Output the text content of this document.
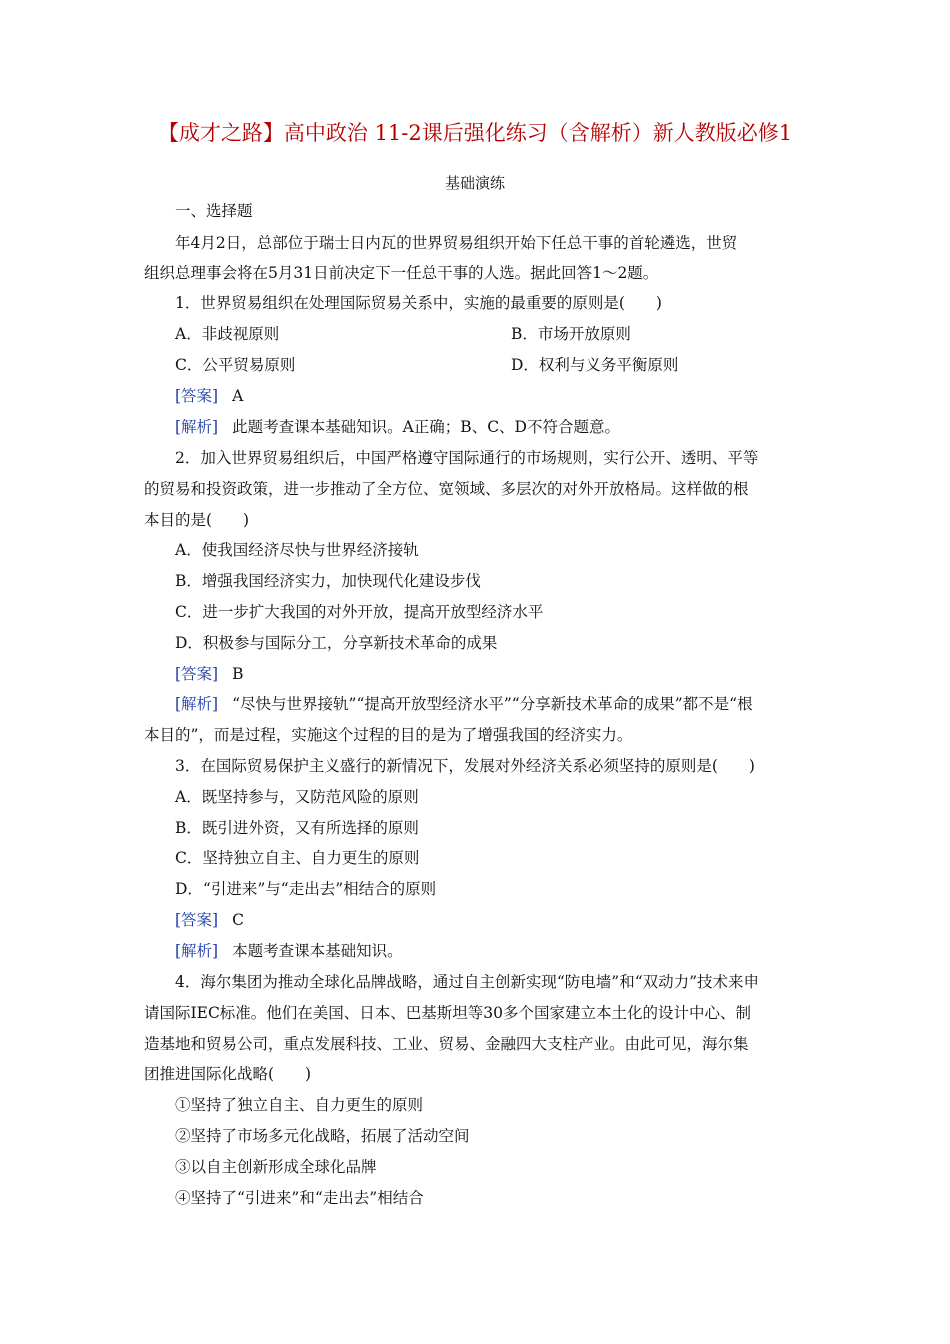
【成才之路】高中政治 11-2课后强化练习（含解析）新人教版必修1
基础演练
一、选择题
年4月2日，总部位于瑞士日内瓦的世界贸易组织开始下任总干事的首轮遴选，世贸
组织总理事会将在5月31日前决定下一任总干事的人选。据此回答1～2题。
1．世界贸易组织在处理国际贸易关系中，实施的最重要的原则是(　　)
A．非歧视原则	B．市场开放原则
C．公平贸易原则	D．权利与义务平衡原则
[答案] A
[解析] 此题考查课本基础知识。A正确；B、C、D不符合题意。
2．加入世界贸易组织后，中国严格遵守国际通行的市场规则，实行公开、透明、平等
的贸易和投资政策，进一步推动了全方位、宽领域、多层次的对外开放格局。这样做的根
本目的是(　　)
A．使我国经济尽快与世界经济接轨
B．增强我国经济实力，加快现代化建设步伐
C．进一步扩大我国的对外开放，提高开放型经济水平
D．积极参与国际分工，分享新技术革命的成果
[答案] B
[解析] “尽快与世界接轨”“提高开放型经济水平”“分享新技术革命的成果”都不是“根
本目的”，而是过程，实施这个过程的目的是为了增强我国的经济实力。
3．在国际贸易保护主义盛行的新情况下，发展对外经济关系必须坚持的原则是(　　)
A．既坚持参与，又防范风险的原则
B．既引进外资，又有所选择的原则
C．坚持独立自主、自力更生的原则
D．“引进来”与“走出去”相结合的原则
[答案] C
[解析] 本题考查课本基础知识。
4．海尔集团为推动全球化品牌战略，通过自主创新实现“防电墙”和“双动力”技术来申
请国际IEC标准。他们在美国、日本、巴基斯坦等30多个国家建立本土化的设计中心、制
造基地和贸易公司，重点发展科技、工业、贸易、金融四大支柱产业。由此可见，海尔集
团推进国际化战略(　　)
①坚持了独立自主、自力更生的原则
②坚持了市场多元化战略，拓展了活动空间
③以自主创新形成全球化品牌
④坚持了“引进来”和“走出去”相结合
